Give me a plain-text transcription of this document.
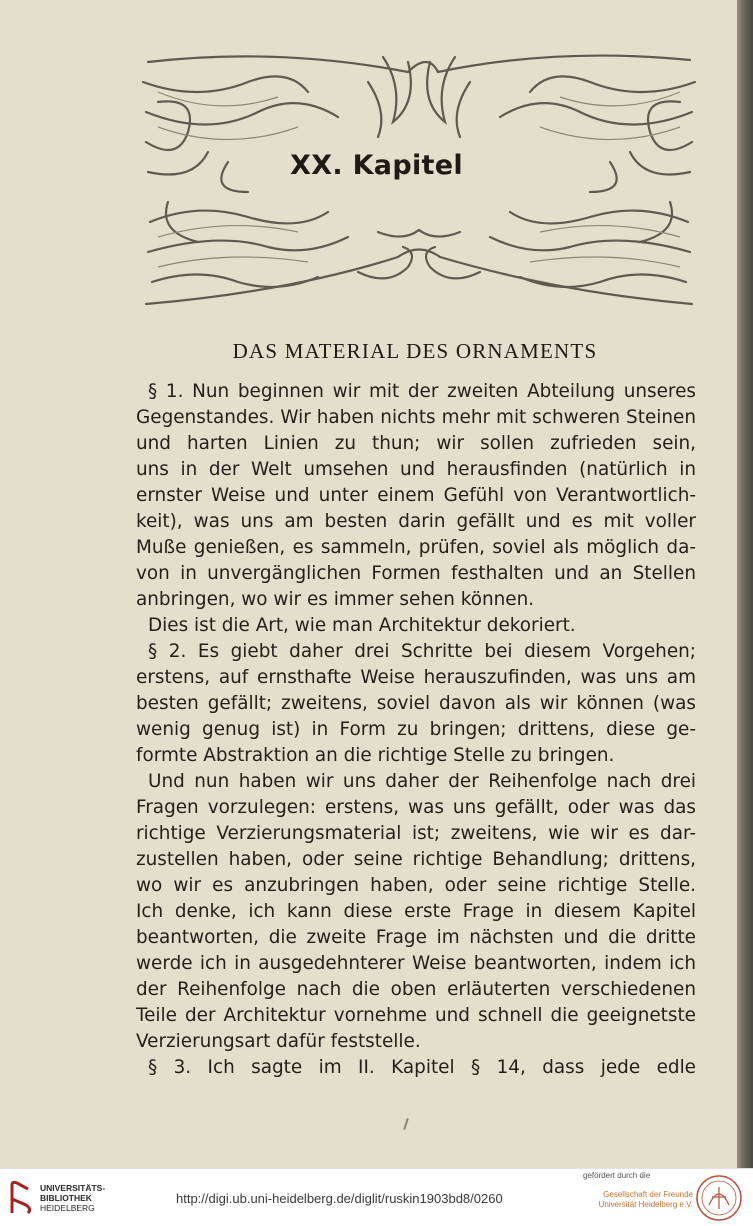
XX. Kapitel
DAS MATERIAL DES ORNAMENTS
§ 1. Nun beginnen wir mit der zweiten Abteilung unseres
Gegenstandes. Wir haben nichts mehr mit schweren Steinen
und harten Linien zu thun; wir sollen zufrieden sein,
uns in der Welt umsehen und herausfinden (natürlich in
ernster Weise und unter einem Gefühl von Verantwortlich-
keit), was uns am besten darin gefällt und es mit voller
Muße genießen, es sammeln, prüfen, soviel als möglich da-
von in unvergänglichen Formen festhalten und an Stellen
anbringen, wo wir es immer sehen können.
Dies ist die Art, wie man Architektur dekoriert.
§ 2. Es giebt daher drei Schritte bei diesem Vorgehen;
erstens, auf ernsthafte Weise herauszufinden, was uns am
besten gefällt; zweitens, soviel davon als wir können (was
wenig genug ist) in Form zu bringen; drittens, diese ge-
formte Abstraktion an die richtige Stelle zu bringen.
Und nun haben wir uns daher der Reihenfolge nach drei
Fragen vorzulegen: erstens, was uns gefällt, oder was das
richtige Verzierungsmaterial ist; zweitens, wie wir es dar-
zustellen haben, oder seine richtige Behandlung; drittens,
wo wir es anzubringen haben, oder seine richtige Stelle.
Ich denke, ich kann diese erste Frage in diesem Kapitel
beantworten, die zweite Frage im nächsten und die dritte
werde ich in ausgedehnterer Weise beantworten, indem ich
der Reihenfolge nach die oben erläuterten verschiedenen
Teile der Architektur vornehme und schnell die geeignetste
Verzierungsart dafür feststelle.
§ 3. Ich sagte im II. Kapitel § 14, dass jede edle
UNIVERSITÄTS-
BIBLIOTHEK
HEIDELBERG
http://digi.ub.uni-heidelberg.de/diglit/ruskin1903bd8/0260
gefördert durch die
Gesellschaft der Freunde
Universität Heidelberg e.V.
